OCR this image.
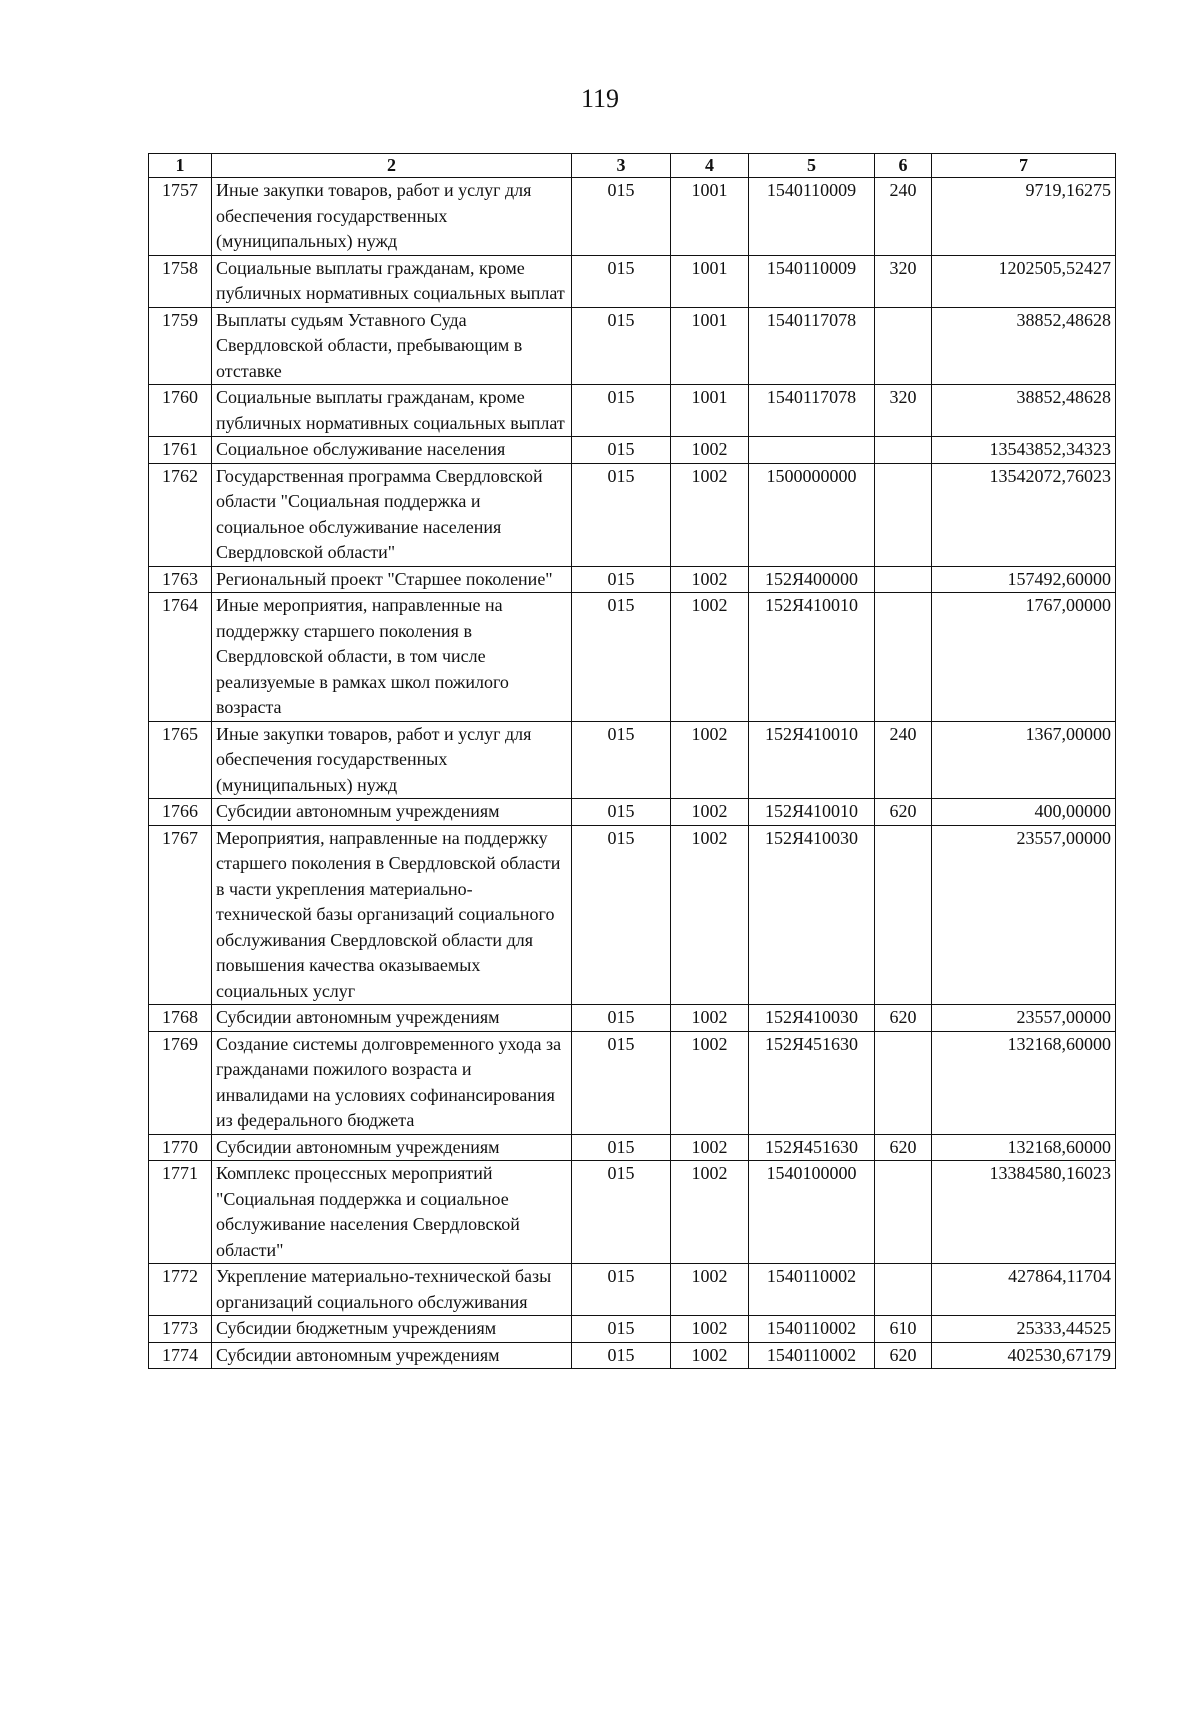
119
1	2	3	4	5	6	7
1757	Иные закупки товаров, работ и услуг для обеспечения государственных (муниципальных) нужд	015	1001	1540110009	240	9719,16275
1758	Социальные выплаты гражданам, кроме публичных нормативных социальных выплат	015	1001	1540110009	320	1202505,52427
1759	Выплаты судьям Уставного Суда Свердловской области, пребывающим в отставке	015	1001	1540117078		38852,48628
1760	Социальные выплаты гражданам, кроме публичных нормативных социальных выплат	015	1001	1540117078	320	38852,48628
1761	Социальное обслуживание населения	015	1002			13543852,34323
1762	Государственная программа Свердловской области "Социальная поддержка и социальное обслуживание населения Свердловской области"	015	1002	1500000000		13542072,76023
1763	Региональный проект "Старшее поколение"	015	1002	152Я400000		157492,60000
1764	Иные мероприятия, направленные на поддержку старшего поколения в Свердловской области, в том числе реализуемые в рамках школ пожилого возраста	015	1002	152Я410010		1767,00000
1765	Иные закупки товаров, работ и услуг для обеспечения государственных (муниципальных) нужд	015	1002	152Я410010	240	1367,00000
1766	Субсидии автономным учреждениям	015	1002	152Я410010	620	400,00000
1767	Мероприятия, направленные на поддержку старшего поколения в Свердловской области в части укрепления материально-технической базы организаций социального обслуживания Свердловской области для повышения качества оказываемых социальных услуг	015	1002	152Я410030		23557,00000
1768	Субсидии автономным учреждениям	015	1002	152Я410030	620	23557,00000
1769	Создание системы долговременного ухода за гражданами пожилого возраста и инвалидами на условиях софинансирования из федерального бюджета	015	1002	152Я451630		132168,60000
1770	Субсидии автономным учреждениям	015	1002	152Я451630	620	132168,60000
1771	Комплекс процессных мероприятий "Социальная поддержка и социальное обслуживание населения Свердловской области"	015	1002	1540100000		13384580,16023
1772	Укрепление материально-технической базы организаций социального обслуживания	015	1002	1540110002		427864,11704
1773	Субсидии бюджетным учреждениям	015	1002	1540110002	610	25333,44525
1774	Субсидии автономным учреждениям	015	1002	1540110002	620	402530,67179
